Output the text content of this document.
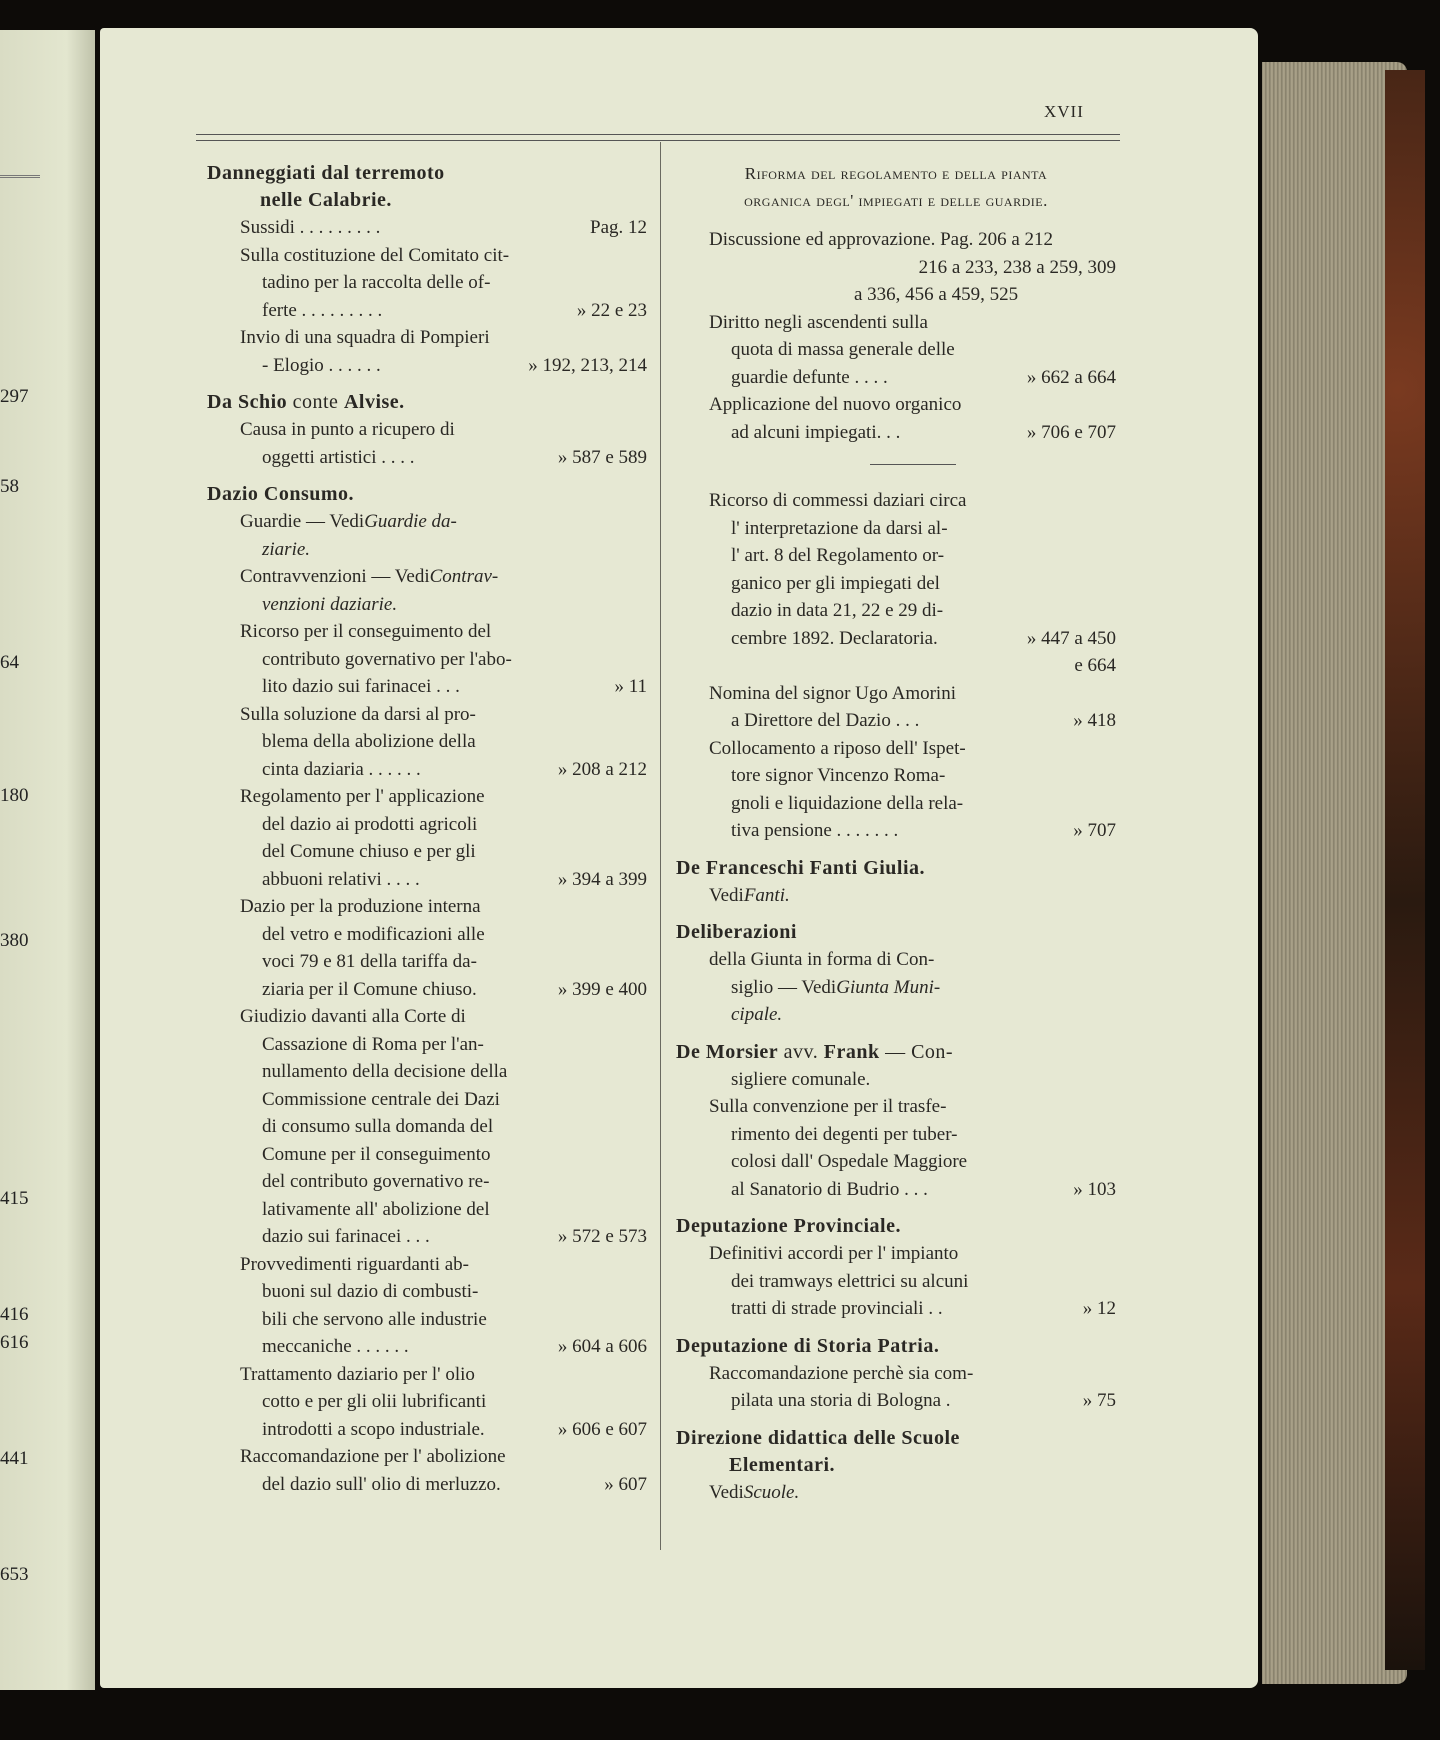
297
58
64
180
380
415
416
616
441
653
XVII
Danneggiati dal terremoto
nelle Calabrie.
Sussidi . . . . . . . . .	Pag. 12
Sulla costituzione del Comitato cit-
tadino per la raccolta delle of-
ferte . . . . . . . . .	» 22 e 23
Invio di una squadra di Pompieri
- Elogio . . . . . .	» 192, 213, 214
Da Schio conte Alvise.
Causa in punto a ricupero di
oggetti artistici . . . .	» 587 e 589
Dazio Consumo.
Guardie — Vedi Guardie da-
ziarie.
Contravvenzioni — Vedi Contrav-
venzioni daziarie.
Ricorso per il conseguimento del
contributo governativo per l'abo-
lito dazio sui farinacei . . .	» 11
Sulla soluzione da darsi al pro-
blema della abolizione della
cinta daziaria . . . . . .	» 208 a 212
Regolamento per l' applicazione
del dazio ai prodotti agricoli
del Comune chiuso e per gli
abbuoni relativi . . . .	» 394 a 399
Dazio per la produzione interna
del vetro e modificazioni alle
voci 79 e 81 della tariffa da-
ziaria per il Comune chiuso.	» 399 e 400
Giudizio davanti alla Corte di
Cassazione di Roma per l'an-
nullamento della decisione della
Commissione centrale dei Dazi
di consumo sulla domanda del
Comune per il conseguimento
del contributo governativo re-
lativamente all' abolizione del
dazio sui farinacei . . .	» 572 e 573
Provvedimenti riguardanti ab-
buoni sul dazio di combusti-
bili che servono alle industrie
meccaniche . . . . . .	» 604 a 606
Trattamento daziario per l' olio
cotto e per gli olii lubrificanti
introdotti a scopo industriale.	» 606 e 607
Raccomandazione per l' abolizione
del dazio sull' olio di merluzzo.	» 607
Riforma del regolamento e della pianta
organica degl' impiegati e delle guardie.
Discussione ed approvazione. Pag. 206 a 212
216 a 233, 238 a 259, 309
a 336, 456 a 459, 525
Diritto negli ascendenti sulla
quota di massa generale delle
guardie defunte . . . .	» 662 a 664
Applicazione del nuovo organico
ad alcuni impiegati. . .	» 706 e 707
Ricorso di commessi daziari circa
l' interpretazione da darsi al-
l' art. 8 del Regolamento or-
ganico per gli impiegati del
dazio in data 21, 22 e 29 di-
cembre 1892. Declaratoria.	» 447 a 450
e 664
Nomina del signor Ugo Amorini
a Direttore del Dazio . . .	» 418
Collocamento a riposo dell' Ispet-
tore signor Vincenzo Roma-
gnoli e liquidazione della rela-
tiva pensione . . . . . . .	» 707
De Franceschi Fanti Giulia.
Vedi Fanti.
Deliberazioni
della Giunta in forma di Con-
siglio — Vedi Giunta Muni-
cipale.
De Morsier avv. Frank — Con-
sigliere comunale.
Sulla convenzione per il trasfe-
rimento dei degenti per tuber-
colosi dall' Ospedale Maggiore
al Sanatorio di Budrio . . .	» 103
Deputazione Provinciale.
Definitivi accordi per l' impianto
dei tramways elettrici su alcuni
tratti di strade provinciali . .	» 12
Deputazione di Storia Patria.
Raccomandazione perchè sia com-
pilata una storia di Bologna .	» 75
Direzione didattica delle Scuole
Elementari.
Vedi Scuole.
